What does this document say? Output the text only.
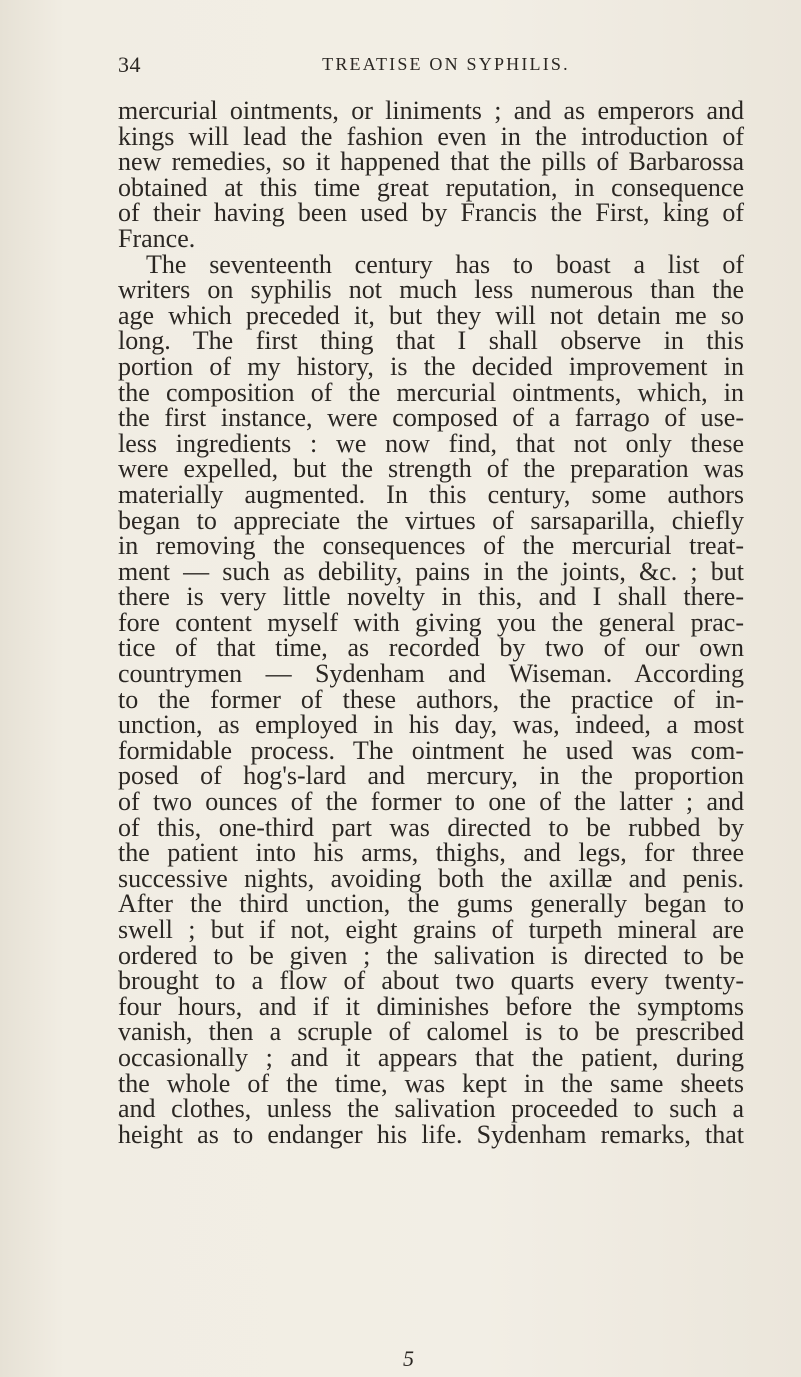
34	TREATISE ON SYPHILIS.
mercurial ointments, or liniments ; and as emperors and
kings will lead the fashion even in the introduction of
new remedies, so it happened that the pills of Barbarossa
obtained at this time great reputation, in consequence
of their having been used by Francis the First, king of
France.
The seventeenth century has to boast a list of
writers on syphilis not much less numerous than the
age which preceded it, but they will not detain me so
long. The first thing that I shall observe in this
portion of my history, is the decided improvement in
the composition of the mercurial ointments, which, in
the first instance, were composed of a farrago of use-
less ingredients : we now find, that not only these
were expelled, but the strength of the preparation was
materially augmented. In this century, some authors
began to appreciate the virtues of sarsaparilla, chiefly
in removing the consequences of the mercurial treat-
ment — such as debility, pains in the joints, &c. ; but
there is very little novelty in this, and I shall there-
fore content myself with giving you the general prac-
tice of that time, as recorded by two of our own
countrymen — Sydenham and Wiseman. According
to the former of these authors, the practice of in-
unction, as employed in his day, was, indeed, a most
formidable process. The ointment he used was com-
posed of hog's-lard and mercury, in the proportion
of two ounces of the former to one of the latter ; and
of this, one-third part was directed to be rubbed by
the patient into his arms, thighs, and legs, for three
successive nights, avoiding both the axillæ and penis.
After the third unction, the gums generally began to
swell ; but if not, eight grains of turpeth mineral are
ordered to be given ; the salivation is directed to be
brought to a flow of about two quarts every twenty-
four hours, and if it diminishes before the symptoms
vanish, then a scruple of calomel is to be prescribed
occasionally ; and it appears that the patient, during
the whole of the time, was kept in the same sheets
and clothes, unless the salivation proceeded to such a
height as to endanger his life. Sydenham remarks, that
5
